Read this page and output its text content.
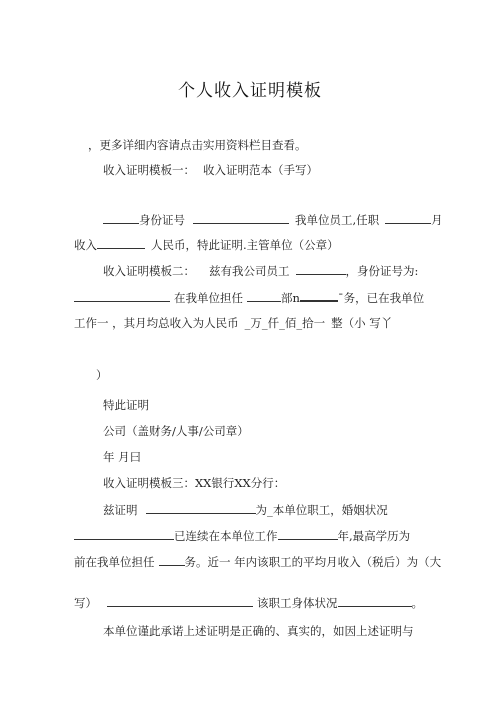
个人收入证明模板
，更多详细内容请点击实用资料栏目查看。
收入证明模板一： 收入证明范本（手写）
身份证号	我单位员工,任职	月
收入	人民币，特此证明.主管单位（公章）
收入证明模板二： 兹有我公司员工	，身份证号为:
在我单位担任	部n	ˉ务，已在我单位
工作一 ，其月均总收入为人民币 _万_仟_佰_拾一 整（小 写丫
）
特此证明
公司（盖财务/人事/公司章）
年 月曰
收入证明模板三：XX银行XX分行：
兹证明	为_本单位职工，婚姻状况
已连续在本单位工作	年,最高学历为
前在我单位担任	务。近一 年内该职工的平均月收入（税后）为（大
写）	该职工身体状况	。
本单位谨此承诺上述证明是正确的、真实的，如因上述证明与
